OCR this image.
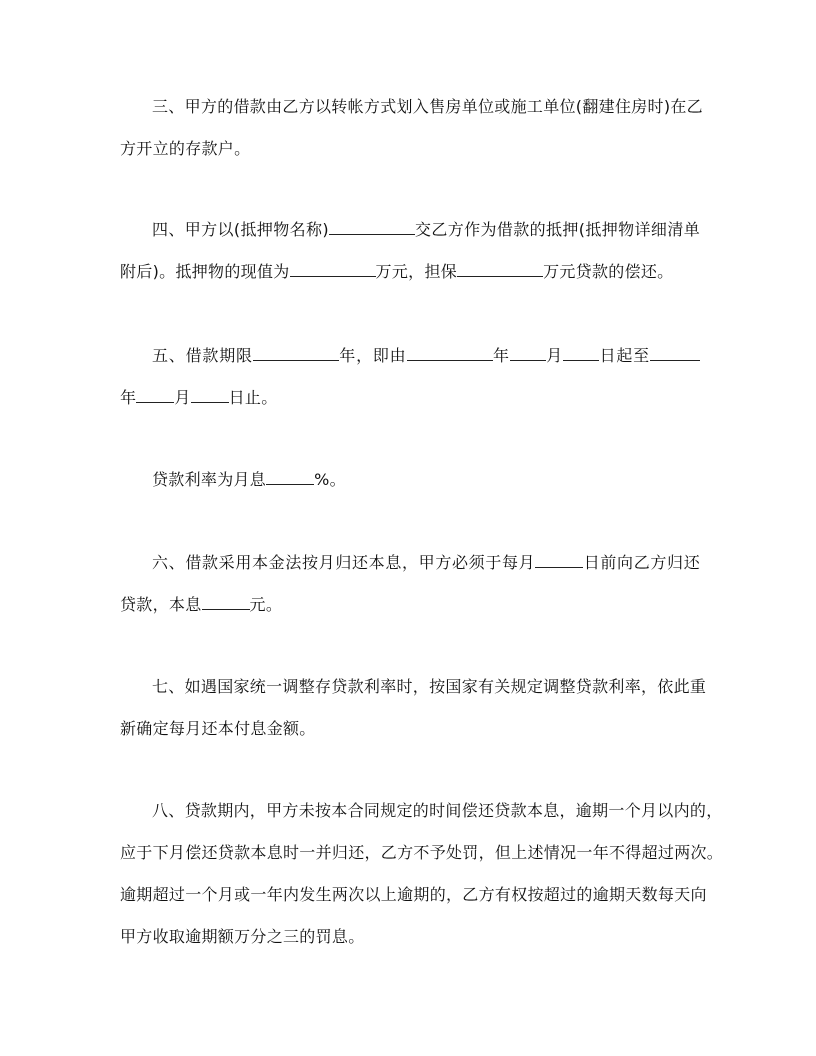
三、甲方的借款由乙方以转帐方式划入售房单位或施工单位(翻建住房时)在乙
方开立的存款户。
四、甲方以(抵押物名称)	交乙方作为借款的抵押(抵押物详细清单
附后)。抵押物的现值为	万元，担保	万元贷款的偿还。
五、借款期限	年，即由	年 月 日起至
年 月 日止。
贷款利率为月息	%。
六、借款采用本金法按月归还本息，甲方必须于每月	日前向乙方归还
贷款，本息	元。
七、如遇国家统一调整存贷款利率时，按国家有关规定调整贷款利率，依此重
新确定每月还本付息金额。
八、贷款期内，甲方未按本合同规定的时间偿还贷款本息，逾期一个月以内的，
应于下月偿还贷款本息时一并归还，乙方不予处罚，但上述情况一年不得超过两次。
逾期超过一个月或一年内发生两次以上逾期的，乙方有权按超过的逾期天数每天向
甲方收取逾期额万分之三的罚息。
